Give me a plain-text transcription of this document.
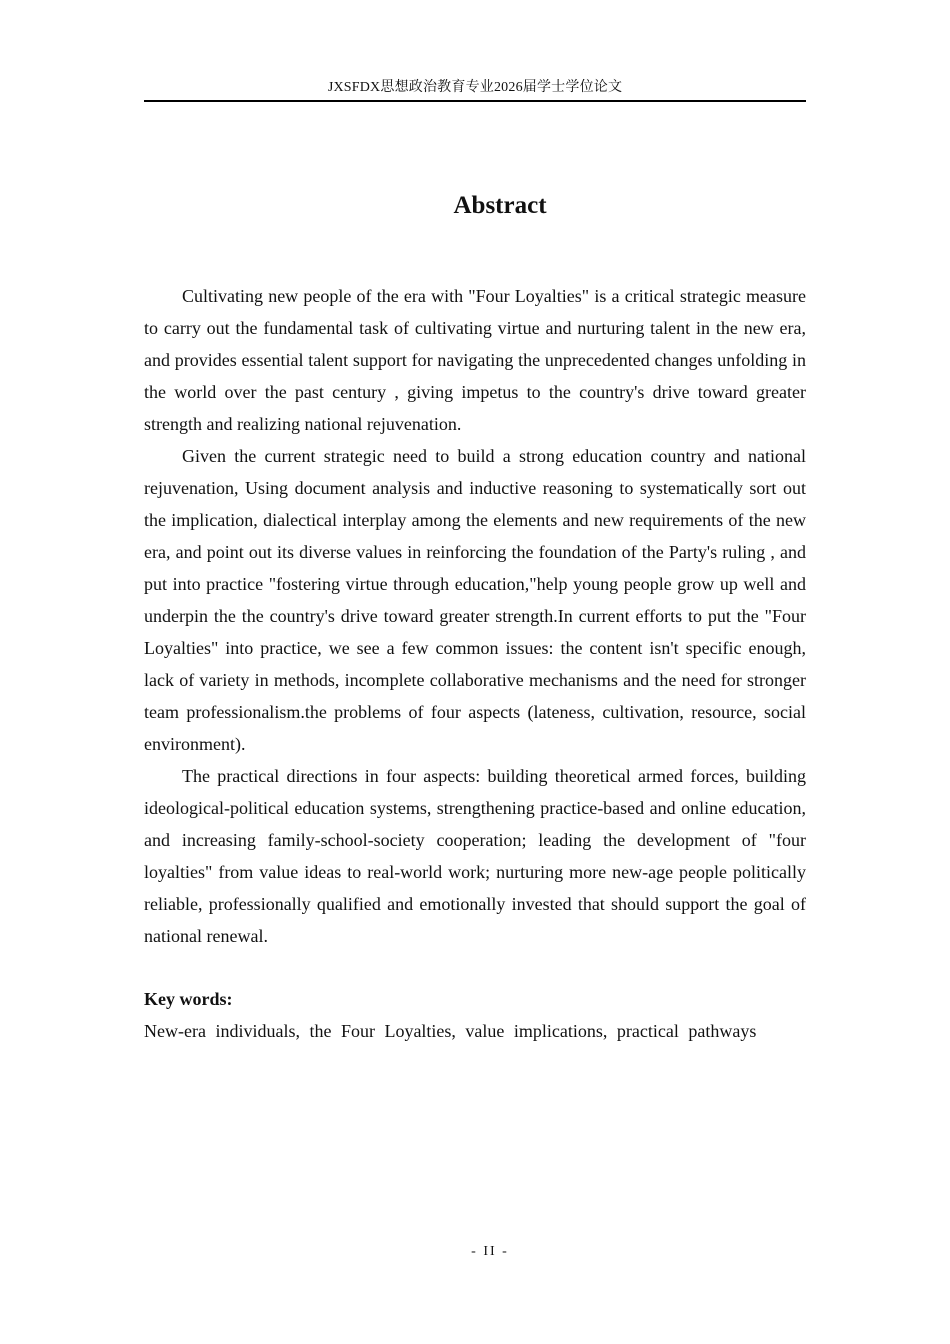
JXSFDX思想政治教育专业2026届学士学位论文
Abstract

Cultivating new people of the era with "Four Loyalties" is a critical strategic measure to carry out the fundamental task of cultivating virtue and nurturing talent in the new era, and provides essential talent support for navigating the unprecedented changes unfolding in the world over the past century , giving impetus to the country's drive toward greater strength and realizing national rejuvenation.

Given the current strategic need to build a strong education country and national rejuvenation, Using document analysis and inductive reasoning to systematically sort out the implication, dialectical interplay among the elements and new requirements of the new era, and point out its diverse values in reinforcing the foundation of the Party's ruling , and put into practice "fostering virtue through education,"help young people grow up well and underpin the the country's drive toward greater strength.In current efforts to put the "Four Loyalties" into practice, we see a few common issues: the content isn't specific enough, lack of variety in methods, incomplete collaborative mechanisms and the need for stronger team professionalism.the problems of four aspects (lateness, cultivation, resource, social environment).

The practical directions in four aspects: building theoretical armed forces, building ideological-political education systems, strengthening practice-based and online education, and increasing family-school-society cooperation; leading the development of "four loyalties" from value ideas to real-world work; nurturing more new-age people politically reliable, professionally qualified and emotionally invested that should support the goal of national renewal.

Key words:
New-era individuals, the Four Loyalties, value implications, practical pathways
- II -
